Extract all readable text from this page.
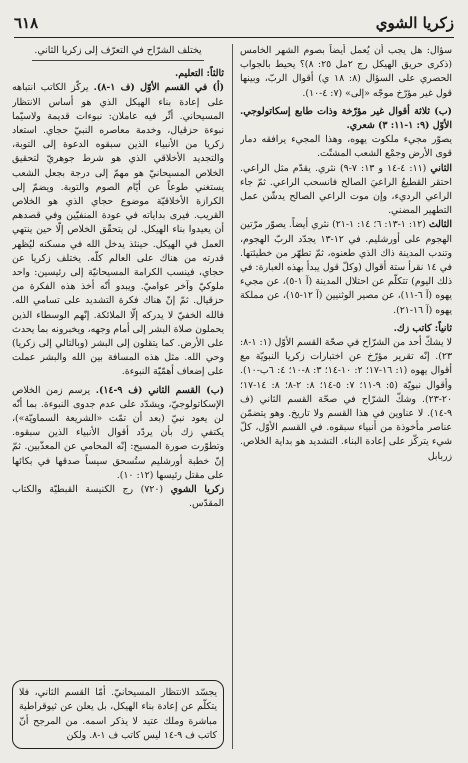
زكريا الشوي
٦١٨

سؤال: هل يجب أن يُعمل أيضاً بصوم الشهر الخامس (ذكرى حريق الهيكل رج ٢مل ٢٥: ٨)؟ يحيط بالجواب الحصري على السؤال (٨: ١٨ ي) أقوال الربّ، وبينها قول غير مؤرّخ موجّه «إلى» (٧: ٤-١٠).

(ب) ثلاثة أقوال غير مؤرّخة وذات طابع إسكاتولوجي. الأوّل (٩: ١-١١: ٣) شعري.

يصوّر مجيء ملكوت يهوه، وهذا المجيء يرافقه دمار قوى الأرض وجمْع الشعب المشتّت.

الثاني (١١: ٤-١٤ و ١٣: ٧-٩) نثري. يقدّم مثل الراعي. احتقر القطيعُ الراعيَ الصالح فانسحب الراعي. ثمّ جاء الراعي الرديء، وإن موت الراعي الصالح يدشّن عمل التطهير المضني.

الثالث (١٢: ١-١٣: ٦؛ ١٤: ١-٢١) نثري أيضاً. يصوّر مرّتين الهجوم على أورشليم. في ١٢-١٣ يجدّد الربّ الهجوم، وتندب المدينة ذاك الذي طعنوه، ثمّ تطهّر من خطيئتها. في ١٤ نقرأ ستة أقوال (وكلّ قول يبدأ بهذه العبارة: في ذلك اليوم) تتكلّم عن احتلال المدينة (آ ١-٥)، عن مجيء يهوه (آ ٦-١١)، عن مصير الوثنيين (آ ١٢-١٥)، عن مملكة يهوه (آ ١٦-٢١).

ثانياً: كاتب زك.

لا يشكّ أحد من الشرّاح في صحّة القسم الأوّل (١: ١-٨: ٢٣). إنّه تقرير مؤرّخ عن اختبارات زكريا النبويّة مع أقوال يهوه (١: ١٦-١٧؛ ٢: ١٠-١٤؛ ٣: ٨-١٠؛ ٤: ٦ب-١٠). وأقوال نبويّة (٥: ٩-١١؛ ٧: ٥-١٤؛ ٨: ٢-٨؛ ٨: ١٤-١٧؛ ٢٠-٢٣). وشكّ الشرّاح في صحّة القسم الثاني (ف ٩-١٤). لا عناوين في هذا القسم ولا تاريخ. وهو يتضمّن عناصر مأخوذة من أنبياء سبقوه. في القسم الأوّل، كلّ شيء يتركّز على إعادة البناء. التشديد هو بداية الخلاص. زربابل

يختلف الشرّاح في التعرّف إلى زكريا الثاني.

ثالثاً: التعليم.

(أ) في القسم الأوّل (ف ١-٨). يركّز الكاتب انتباهه على إعادة بناء الهيكل الذي هو أساس الانتظار المسيحاني. أثّر فيه عاملان: نبوءات قديمة ولاسيّما نبوءة حزقيال، وخدمة معاصره النبيّ حجاي. استعاد زكريا من الأنبياء الذين سبقوه الدعوة إلى التوبة، والتجديد الأخلاقي الذي هو شرط جوهريّ لتحقيق الخلاص المسيحانيّ هو مهمّ إلى درجة بجعل الشعب يستغني طوعاً عن أيّام الصوم والتوبة. ويضمّ إلى الكرازة الأخلاقيّة موضوع حجاي الذي هو الخلاص القريب. فيرى بداياته في عودة المنفيّين وفي قصدهم أن يعيدوا بناء الهيكل. لن يتحقّق الخلاص إلّا حين ينتهي العمل في الهيكل. حينئذ يدخل الله في مسكنه ليُظهر قدرته من هناك على العالم كلّه. يختلف زكريا عن حجاي، فينسب الكرامة المسيحانيّة إلى رئيسين: واحد ملوكيّ وآخر عواميّ. ويبدو أنّه أخذ هذه الفكرة من حزقيال. ثمّ إنّ هناك فكرة التشديد على تسامي الله. فالله الخفيّ لا يدركه إلّا الملائكة. إنّهم الوسطاء الذين يحملون صلاة البشر إلى أمام وجهه، ويخبرونه بما يحدث على الأرض. كما يتقلون إلى البشر (وبالتالي إلى زكريا) وحي الله. مثل هذه المسافة بين الله والبشر عملت على إضعاف أهمّيّة النبوءة.

(ب) القسم الثاني (ف ٩-١٤). يرسم زمن الخلاص الإسكاتولوجيّ، ويشدّد على عدم جدوى النبوءة. بما أنّه لن يعود نبيّ (بعد أن تمّت «الشريعة السماويّة»)، يكتفي زك بأن يردّد أقوال الأنبياء الذين سبقوه. وتطوّرت صورة المسيح: إنّه المحامي عن المعذّبين. ثمّ إنّ خطبة أورشليم ستُسحق سيساً صدقها في بكائها على مقتل رئيسها (١٢: ١٠).

زكريا الشوي (٧٢٠) رج الكنيسة القبطيّة والكتاب المقدّس.

يجسّد الانتظار المسيحانيّ. أمّا القسم الثاني، فلا يتكلّم عن إعادة بناء الهيكل، بل يعلن عن ثيوقراطية مباشرة وملك عتيد لا يذكر اسمه. من المرجح أنّ كاتب ف ٩-١٤ ليس كاتب ف ١-٨. ولكن
